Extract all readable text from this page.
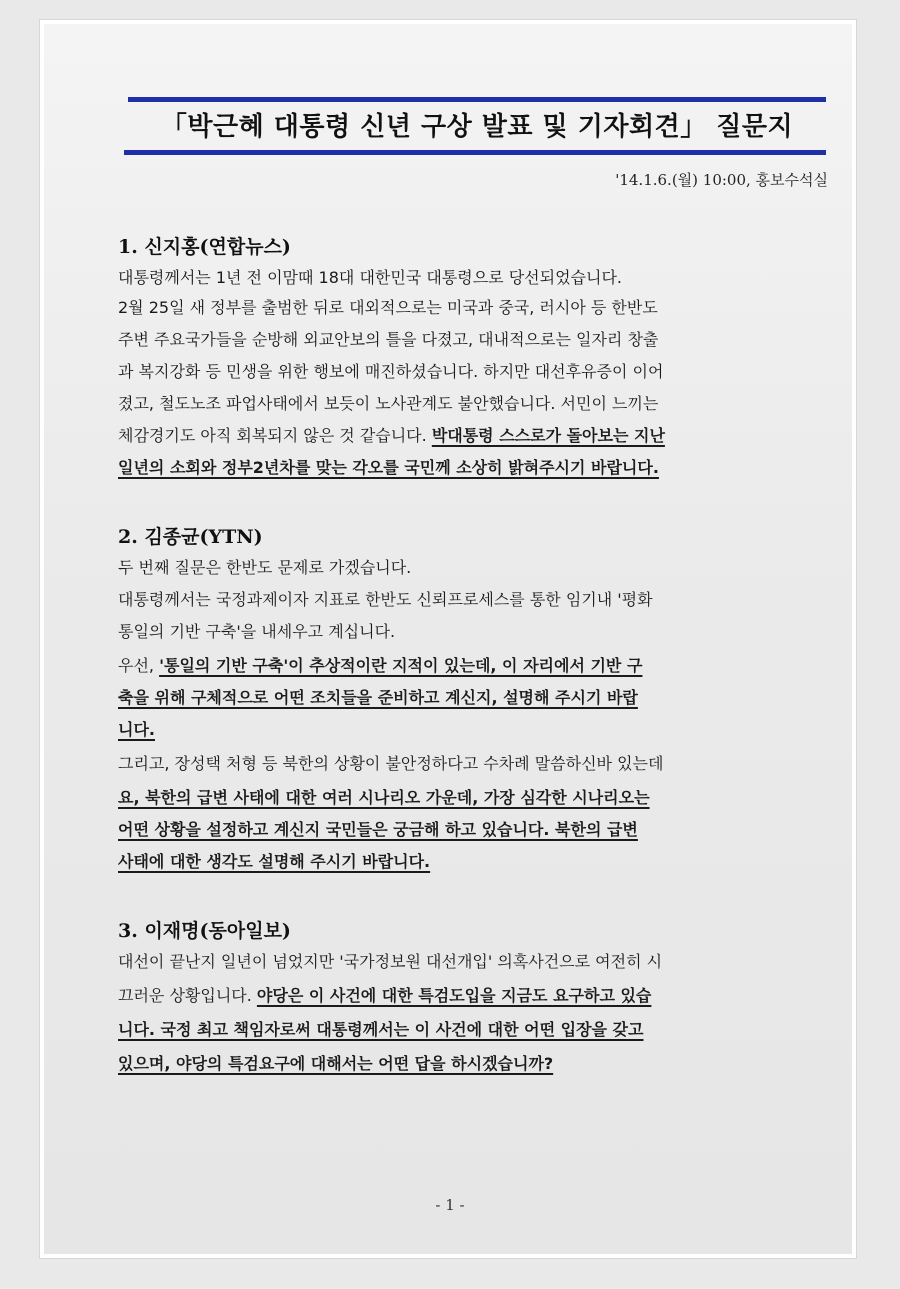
「박근혜 대통령 신년 구상 발표 및 기자회견」 질문지
'14.1.6.(월) 10:00, 홍보수석실
1. 신지홍(연합뉴스)
대통령께서는 1년 전 이맘때 18대 대한민국 대통령으로 당선되었습니다.
2월 25일 새 정부를 출범한 뒤로 대외적으로는 미국과 중국, 러시아 등 한반도
주변 주요국가들을 순방해 외교안보의 틀을 다졌고, 대내적으로는 일자리 창출
과 복지강화 등 민생을 위한 행보에 매진하셨습니다. 하지만 대선후유증이 이어
졌고, 철도노조 파업사태에서 보듯이 노사관계도 불안했습니다. 서민이 느끼는
체감경기도 아직 회복되지 않은 것 같습니다. 박대통령 스스로가 돌아보는 지난
일년의 소회와 정부2년차를 맞는 각오를 국민께 소상히 밝혀주시기 바랍니다.
2. 김종균(YTN)
두 번째 질문은 한반도 문제로 가겠습니다.
대통령께서는 국정과제이자 지표로 한반도 신뢰프로세스를 통한 임기내 '평화
통일의 기반 구축'을 내세우고 계십니다.
우선, '통일의 기반 구축'이 추상적이란 지적이 있는데, 이 자리에서 기반 구
축을 위해 구체적으로 어떤 조치들을 준비하고 계신지, 설명해 주시기 바랍
니다.
그리고, 장성택 처형 등 북한의 상황이 불안정하다고 수차례 말씀하신바 있는데
요, 북한의 급변 사태에 대한 여러 시나리오 가운데, 가장 심각한 시나리오는
어떤 상황을 설정하고 계신지 국민들은 궁금해 하고 있습니다. 북한의 급변
사태에 대한 생각도 설명해 주시기 바랍니다.
3. 이재명(동아일보)
대선이 끝난지 일년이 넘었지만 '국가정보원 대선개입' 의혹사건으로 여전히 시
끄러운 상황입니다. 야당은 이 사건에 대한 특검도입을 지금도 요구하고 있습
니다. 국정 최고 책임자로써 대통령께서는 이 사건에 대한 어떤 입장을 갖고
있으며, 야당의 특검요구에 대해서는 어떤 답을 하시겠습니까?
- 1 -
